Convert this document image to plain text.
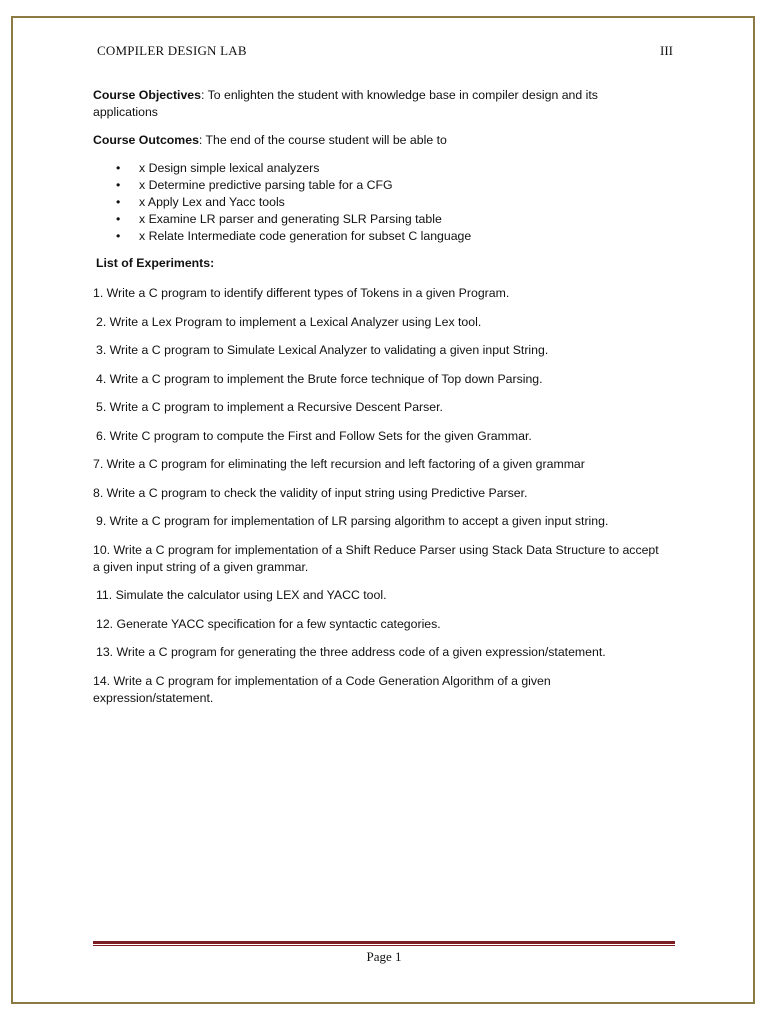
COMPILER DESIGN LAB	III

Course Objectives: To enlighten the student with knowledge base in compiler design and its applications

Course Outcomes: The end of the course student will be able to

• x Design simple lexical analyzers
• x Determine predictive parsing table for a CFG
• x Apply Lex and Yacc tools
• x Examine LR parser and generating SLR Parsing table
• x Relate Intermediate code generation for subset C language

List of Experiments:

1. Write a C program to identify different types of Tokens in a given Program.

2. Write a Lex Program to implement a Lexical Analyzer using Lex tool.

3. Write a C program to Simulate Lexical Analyzer to validating a given input String.

4. Write a C program to implement the Brute force technique of Top down Parsing.

5. Write a C program to implement a Recursive Descent Parser.

6. Write C program to compute the First and Follow Sets for the given Grammar.

7. Write a C program for eliminating the left recursion and left factoring of a given grammar

8. Write a C program to check the validity of input string using Predictive Parser.

9. Write a C program for implementation of LR parsing algorithm to accept a given input string.

10. Write a C program for implementation of a Shift Reduce Parser using Stack Data Structure to accept a given input string of a given grammar.

11. Simulate the calculator using LEX and YACC tool.

12. Generate YACC specification for a few syntactic categories.

13. Write a C program for generating the three address code of a given expression/statement.

14. Write a C program for implementation of a Code Generation Algorithm of a given expression/statement.

Page 1
